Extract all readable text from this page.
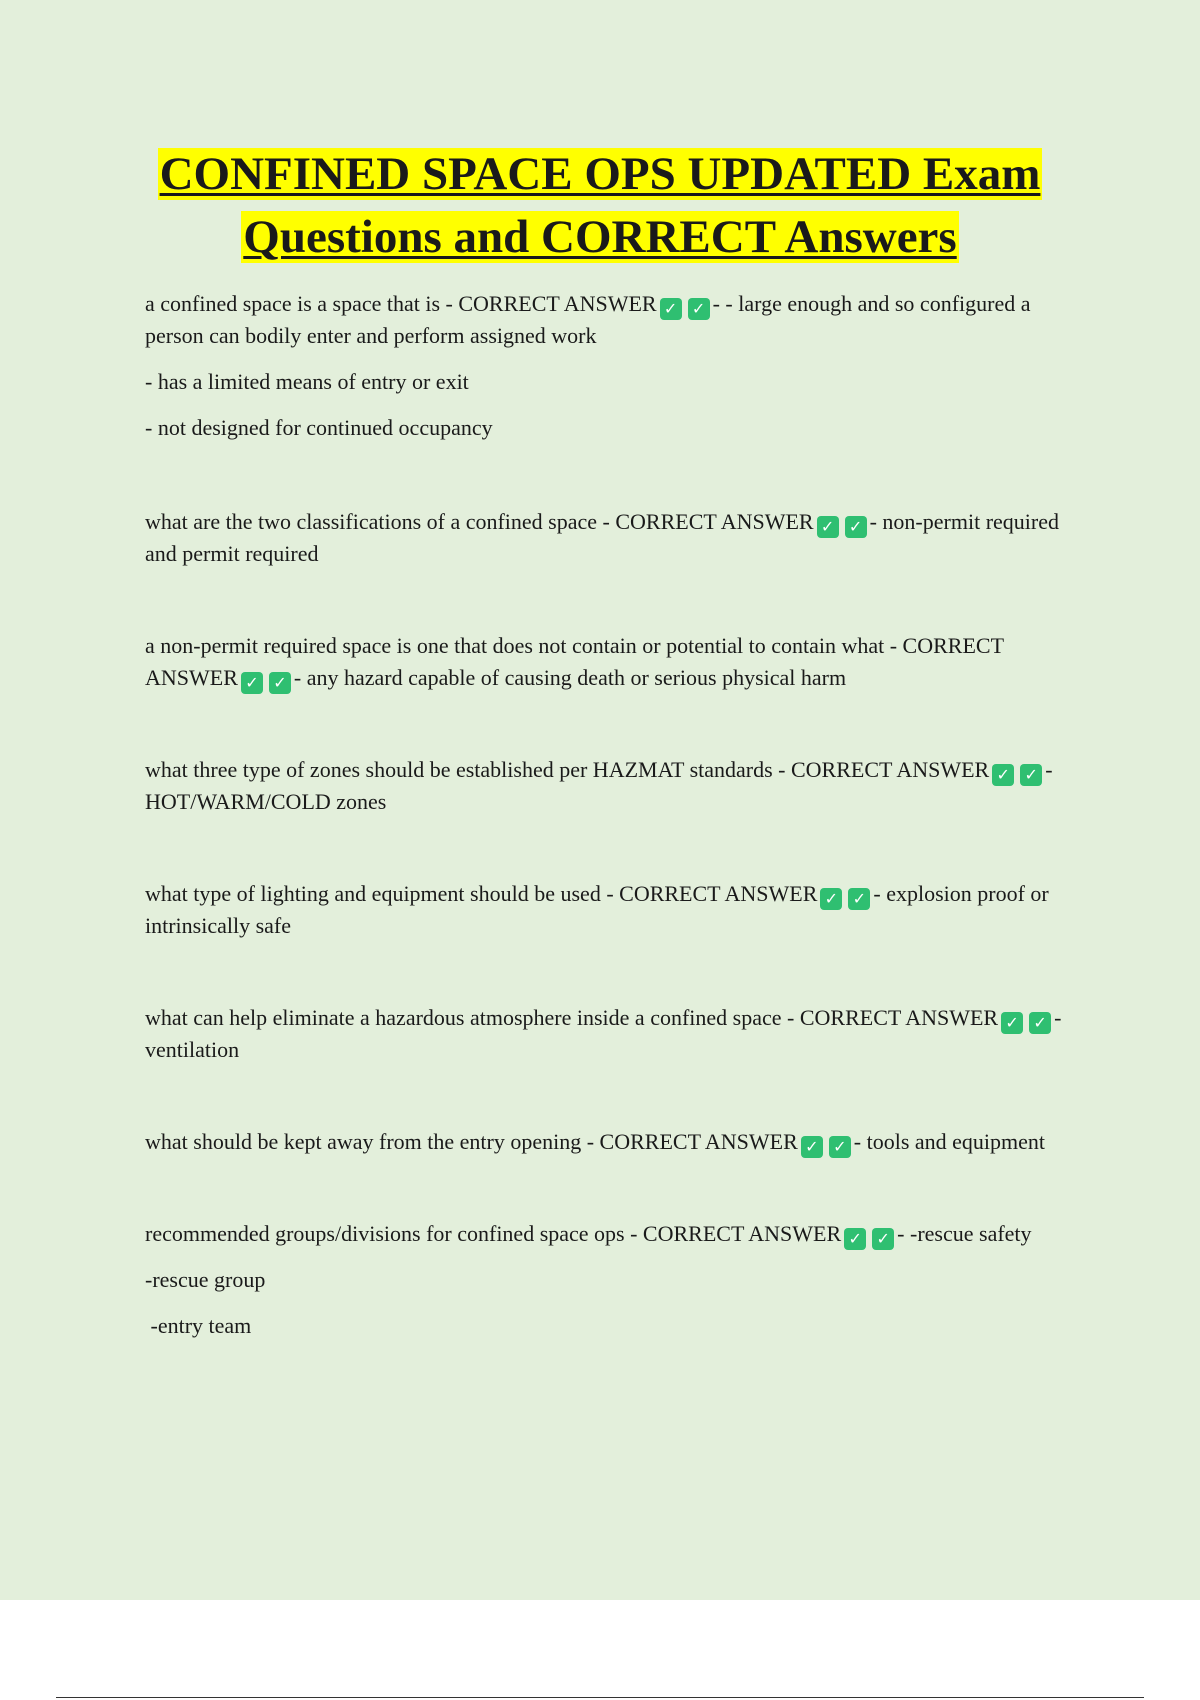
CONFINED SPACE OPS UPDATED Exam
Questions and CORRECT Answers

a confined space is a space that is - CORRECT ANSWER ✓ ✓ - - large enough and so configured a person can bodily enter and perform assigned work

- has a limited means of entry or exit

- not designed for continued occupancy

what are the two classifications of a confined space - CORRECT ANSWER ✓ ✓ - non-permit required and permit required

a non-permit required space is one that does not contain or potential to contain what - CORRECT ANSWER ✓ ✓ - any hazard capable of causing death or serious physical harm

what three type of zones should be established per HAZMAT standards - CORRECT ANSWER ✓ ✓ - HOT/WARM/COLD zones

what type of lighting and equipment should be used - CORRECT ANSWER ✓ ✓ - explosion proof or intrinsically safe

what can help eliminate a hazardous atmosphere inside a confined space - CORRECT ANSWER ✓ ✓ - ventilation

what should be kept away from the entry opening - CORRECT ANSWER ✓ ✓ - tools and equipment

recommended groups/divisions for confined space ops - CORRECT ANSWER ✓ ✓ - -rescue safety

-rescue group

-entry team
